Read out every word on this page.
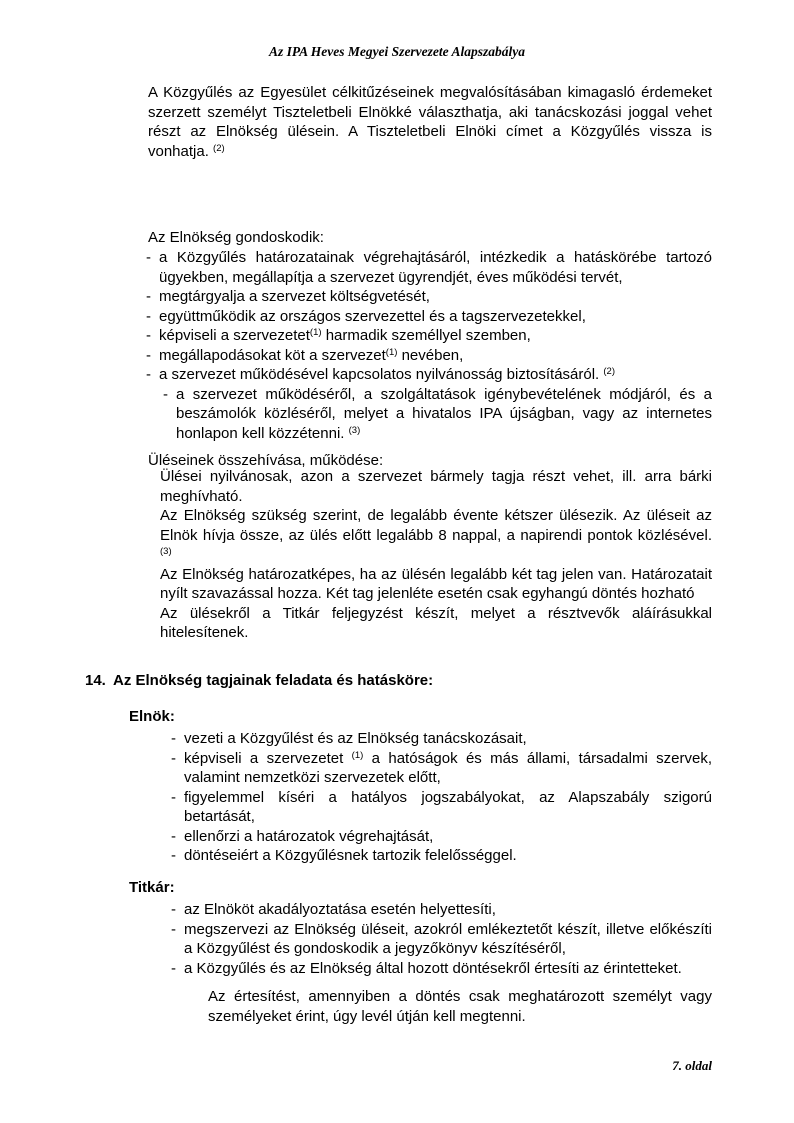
Az IPA Heves Megyei Szervezete Alapszabálya

A Közgyűlés az Egyesület célkitűzéseinek megvalósításában kimagasló érdemeket szerzett személyt Tiszteletbeli Elnökké választhatja, aki tanácskozási joggal vehet részt az Elnökség ülésein. A Tiszteletbeli Elnöki címet a Közgyűlés vissza is vonhatja. $^{(2)}$

Az Elnökség gondoskodik:
- a Közgyűlés határozatainak végrehajtásáról, intézkedik a hatáskörébe tartozó ügyekben, megállapítja a szervezet ügyrendjét, éves működési tervét,

- megtárgyalja a szervezet költségvetését,

- együttműködik az országos szervezettel és a tagszervezetekkel,

- képviseli a szervezetet$^{(1)}$ harmadik személlyel szemben,

- megállapodásokat köt a szervezet$^{(1)}$ nevében,

- a szervezet működésével kapcsolatos nyilvánosság biztosításáról. $^{(2)}$

- a szervezet működéséről, a szolgáltatások igénybevételének módjáról, és a beszámolók közléséről, melyet a hivatalos IPA újságban, vagy az internetes honlapon kell közzétenni. $^{(3)}$

Üléseinek összehívása, működése:

Ülései nyilvánosak, azon a szervezet bármely tagja részt vehet, ill. arra bárki meghívható.

Az Elnökség szükség szerint, de legalább évente kétszer ülésezik. Az üléseit az Elnök hívja össze, az ülés előtt legalább 8 nappal, a napirendi pontok közlésével. $^{(3)}$

Az Elnökség határozatképes, ha az ülésén legalább két tag jelen van. Határozatait nyílt szavazással hozza. Két tag jelenléte esetén csak egyhangú döntés hozható

Az ülésekről a Titkár feljegyzést készít, melyet a résztvevők aláírásukkal hitelesítenek.

14. Az Elnökség tagjainak feladata és hatásköre:
Elnök:
- vezeti a Közgyűlést és az Elnökség tanácskozásait,

- képviseli a szervezetet $^{(1)}$ a hatóságok és más állami, társadalmi szervek, valamint nemzetközi szervezetek előtt,

- figyelemmel kíséri a hatályos jogszabályokat, az Alapszabály szigorú betartását,

- ellenőrzi a határozatok végrehajtását,

- döntéseiért a Közgyűlésnek tartozik felelősséggel.

Titkár:
- az Elnököt akadályoztatása esetén helyettesíti,

- megszervezi az Elnökség üléseit, azokról emlékeztetőt készít, illetve előkészíti a Közgyűlést és gondoskodik a jegyzőkönyv készítéséről,

- a Közgyűlés és az Elnökség által hozott döntésekről értesíti az érintetteket.

Az értesítést, amennyiben a döntés csak meghatározott személyt vagy személyeket érint, úgy levél útján kell megtenni.

7. oldal
